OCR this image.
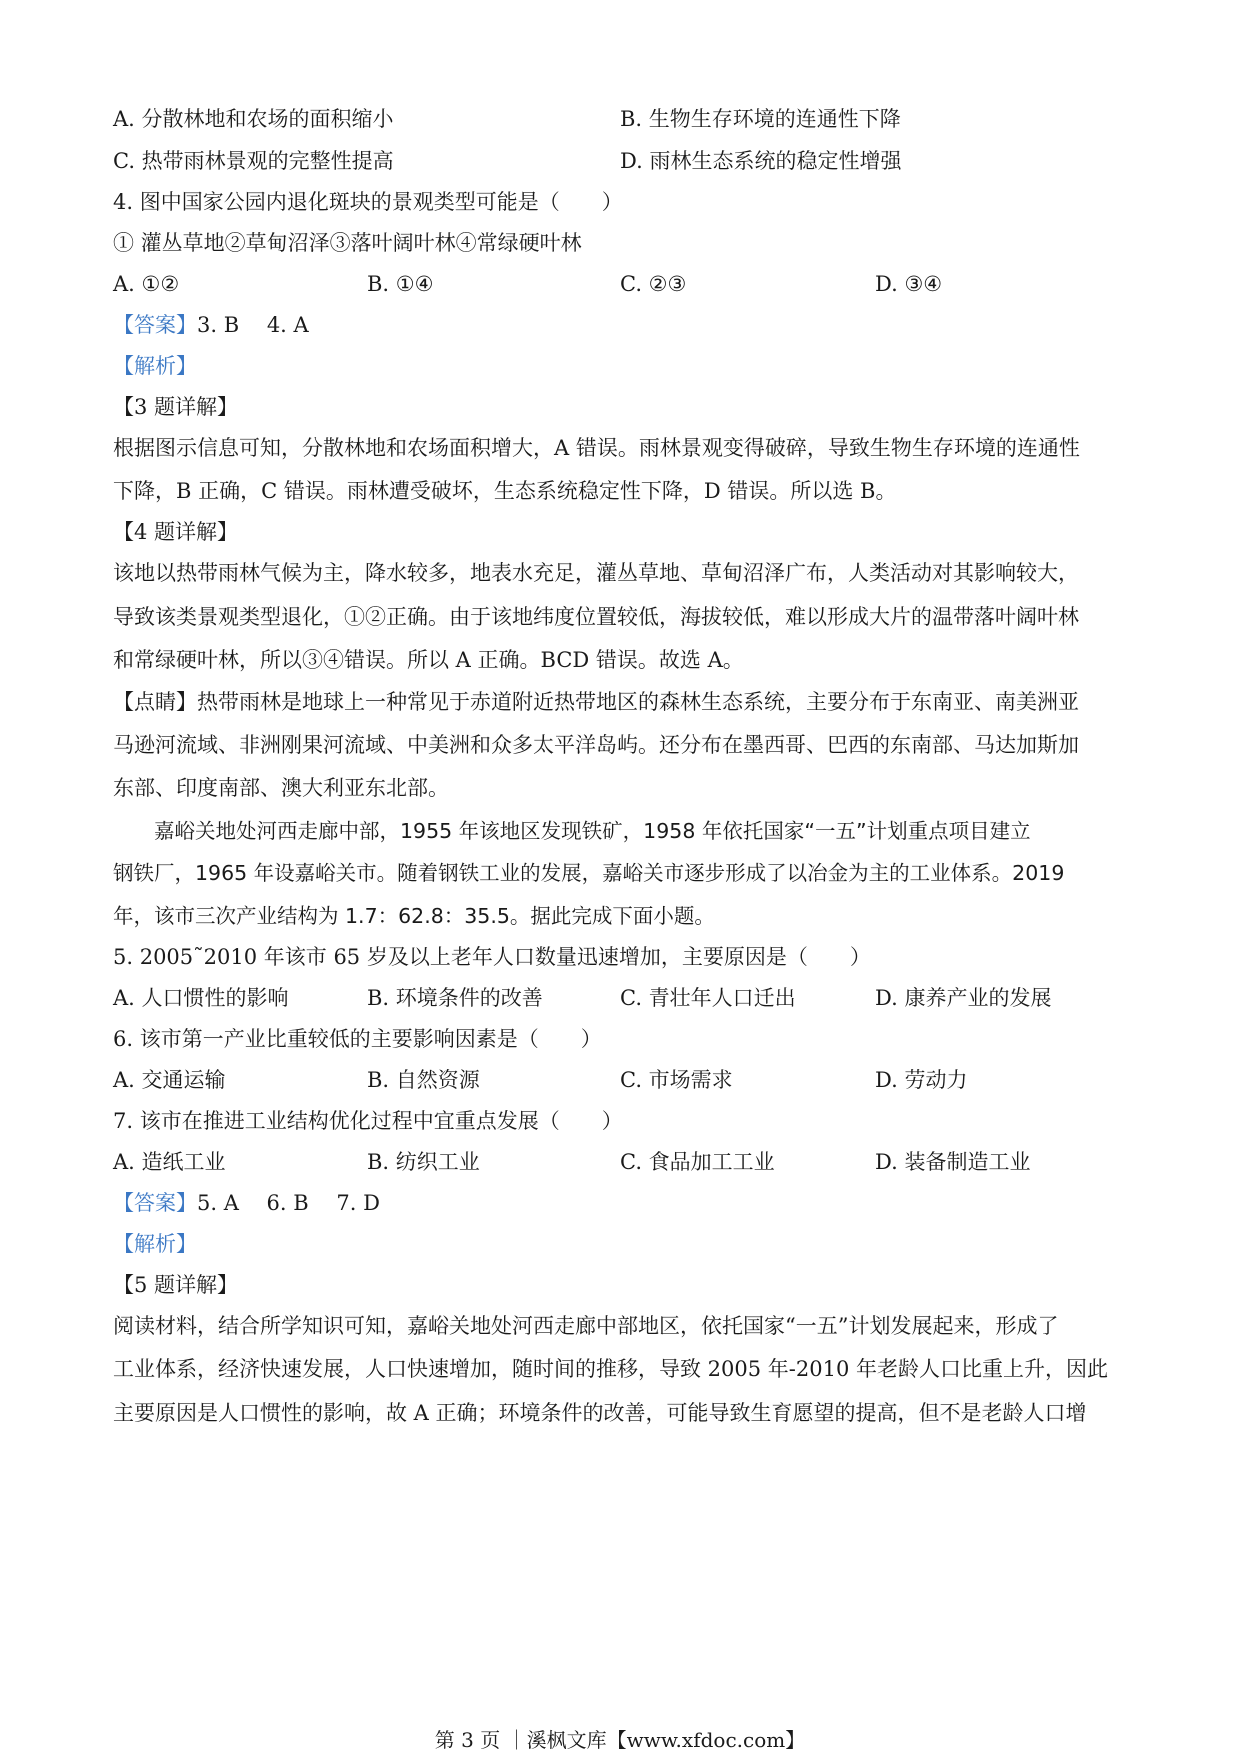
A. 分散林地和农场的面积缩小	B. 生物生存环境的连通性下降
C. 热带雨林景观的完整性提高	D. 雨林生态系统的稳定性增强
4. 图中国家公园内退化斑块的景观类型可能是（　　）
① 灌丛草地②草甸沼泽③落叶阔叶林④常绿硬叶林
A. ①②	B. ①④	C. ②③	D. ③④
【答案】3. B　 4. A
【解析】
【3 题详解】
根据图示信息可知，分散林地和农场面积增大，A 错误。雨林景观变得破碎，导致生物生存环境的连通性
下降，B 正确，C 错误。雨林遭受破坏，生态系统稳定性下降，D 错误。所以选 B。
【4 题详解】
该地以热带雨林气候为主，降水较多，地表水充足，灌丛草地、草甸沼泽广布，人类活动对其影响较大，
导致该类景观类型退化，①②正确。由于该地纬度位置较低，海拔较低，难以形成大片的温带落叶阔叶林
和常绿硬叶林，所以③④错误。所以 A 正确。BCD 错误。故选 A。
【点睛】热带雨林是地球上一种常见于赤道附近热带地区的森林生态系统，主要分布于东南亚、南美洲亚
马逊河流域、非洲刚果河流域、中美洲和众多太平洋岛屿。还分布在墨西哥、巴西的东南部、马达加斯加
东部、印度南部、澳大利亚东北部。
　　嘉峪关地处河西走廊中部，1955 年该地区发现铁矿，1958 年依托国家“一五”计划重点项目建立
钢铁厂，1965 年设嘉峪关市。随着钢铁工业的发展，嘉峪关市逐步形成了以冶金为主的工业体系。2019
年，该市三次产业结构为 1.7：62.8：35.5。据此完成下面小题。
5. 2005˜2010 年该市 65 岁及以上老年人口数量迅速增加，主要原因是（　　）
A. 人口惯性的影响	B. 环境条件的改善	C. 青壮年人口迁出	D. 康养产业的发展
6. 该市第一产业比重较低的主要影响因素是（　　）
A. 交通运输	B. 自然资源	C. 市场需求	D. 劳动力
7. 该市在推进工业结构优化过程中宜重点发展（　　）
A. 造纸工业	B. 纺织工业	C. 食品加工工业	D. 装备制造工业
【答案】5. A　 6. B　 7. D
【解析】
【5 题详解】
阅读材料，结合所学知识可知，嘉峪关地处河西走廊中部地区，依托国家“一五”计划发展起来，形成了
工业体系，经济快速发展，人口快速增加，随时间的推移，导致 2005 年-2010 年老龄人口比重上升，因此
主要原因是人口惯性的影响，故 A 正确；环境条件的改善，可能导致生育愿望的提高，但不是老龄人口增
第 3 页 ｜溪枫文库【www.xfdoc.com】
